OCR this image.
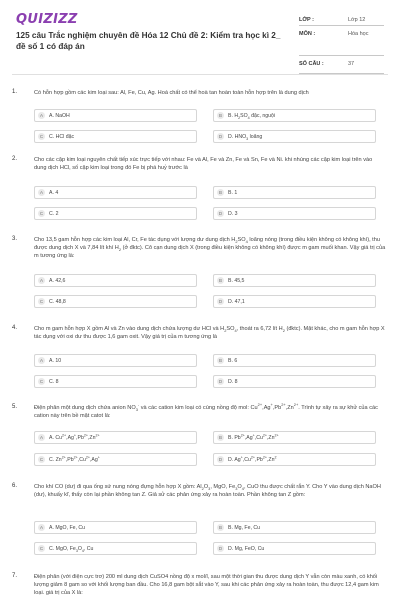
QUIZIZZ
125 câu Trắc nghiệm chuyên đề Hóa 12 Chủ đề 2: Kiểm tra học kì 2_ đề số 1 có đáp án
LỚP :	Lớp 12
MÔN :	Hóa học
SỐ CÂU :	37
1.	Có hỗn hợp gồm các kim loại sau: Al, Fe, Cu, Ag. Hoá chất có thể hoà tan hoàn toàn hỗn hợp trên là dung dịch
A	A. NaOH	B	B. $H_2SO_4$ đặc, nguội
C	C. HCl đặc	D	D. $HNO_3$ loãng
2.	Cho các cặp kim loại nguyên chất tiếp xúc trực tiếp với nhau: Fe và Al, Fe và Zn, Fe và Sn, Fe và Ni. khi nhúng các cặp kim loại trên vào dung dịch HCl, số cặp kim loại trong đó Fe bị phá huỷ trước là
A	A. 4	B	B. 1
C	C. 2	D	D. 3
3.	Cho 13,5 gam hỗn hợp các kim loại Al, Cr, Fe tác dụng với lượng dư dung dịch $H_2SO_4$ loãng nóng (trong điều kiện không có không khí), thu được dung dịch X và 7,84 lít khí $H_2$ (ở đktc). Cô cạn dung dịch X (trong điều kiện không có không khí) được m gam muối khan. Vậy giá trị của m tương ứng là:
A	A. 42,6	B	B. 45,5
C	C. 48,8	D	D. 47,1
4.	Cho m gam hỗn hợp X gồm Al và Zn vào dung dịch chứa lượng dư HCl và $H_2SO_4$, thoát ra 6,72 lít $H_2$ (đktc). Mặt khác, cho m gam hỗn hợp X tác dụng với oxi dư thu được 1,6 gam oxit. Vậy giá trị của m tương ứng là
A	A. 10	B	B. 6
C	C. 8	D	D. 8
5.	Điện phân một dung dịch chứa anion $NO_3^-$ và các cation kim loại có cùng nồng độ mol: $Cu^{2+},Ag^+,Pb^{2+},Zn^{2+}$. Trình tự xảy ra sự khử của các cation này trên bề mặt catot là:
A	A. $Cu^{2+},Ag^+,Pb^{2+},Zn^{2+}$
B	B. $Pb^{2+},Ag^+,Cu^{2+},Zn^{2+}$
C	C. $Zn^{2+},Pb^{2+},Cu^{2+},Ag^+$
D	D. $Ag^+,Cu^{2+},Pb^{2+},Zn^2$
6.	Cho khí CO (dư) đi qua ống sứ nung nóng đựng hỗn hợp X gồm: $Al_2O_3$, MgO, $Fe_3O_4$, CuO thu được chất rắn Y. Cho Y vào dung dịch NaOH (dư), khuấy kĩ, thấy còn lại phần không tan Z. Giả sử các phản ứng xảy ra hoàn toàn. Phần không tan Z gồm:
A	A. MgO, Fe, Cu	B	B. Mg, Fe, Cu
C	C. MgO, $Fe_3O_4$, Cu	D	D. Mg, FeO, Cu
7.	Điện phân (với điện cực trơ) 200 ml dung dịch CuSO4 nồng độ x mol/l, sau một thời gian thu được dung dịch Y vẫn còn màu xanh, có khối lượng giảm 8 gam so với khối lượng ban đầu. Cho 16,8 gam bột sắt vào Y, sau khi các phản ứng xảy ra hoàn toàn, thu được 12,4 gam kim loại. giá trị của X là:
